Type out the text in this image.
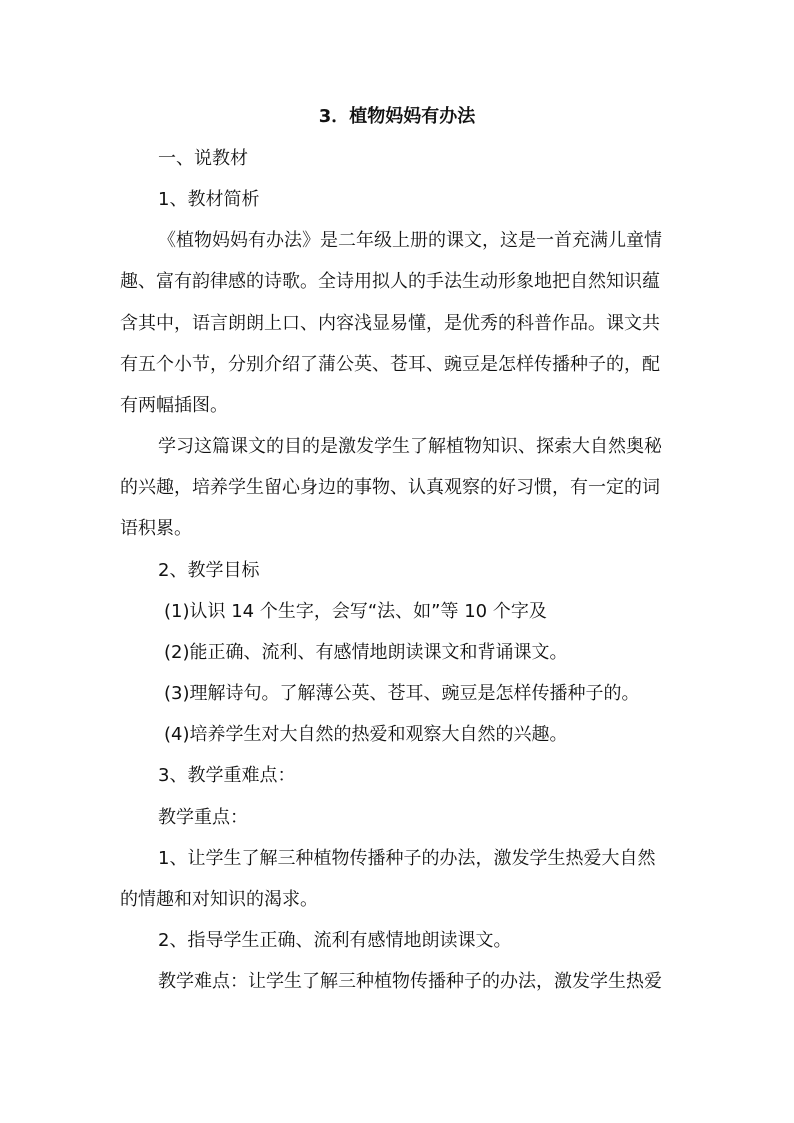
3．植物妈妈有办法
一、说教材
1、教材简析
《植物妈妈有办法》是二年级上册的课文，这是一首充满儿童情
趣、富有韵律感的诗歌。全诗用拟人的手法生动形象地把自然知识蕴
含其中，语言朗朗上口、内容浅显易懂，是优秀的科普作品。课文共
有五个小节，分别介绍了蒲公英、苍耳、豌豆是怎样传播种子的，配
有两幅插图。
学习这篇课文的目的是激发学生了解植物知识、探索大自然奥秘
的兴趣，培养学生留心身边的事物、认真观察的好习惯，有一定的词
语积累。
2、教学目标
(1)认识 14 个生字，会写“法、如”等 10 个字及
(2)能正确、流利、有感情地朗读课文和背诵课文。
(3)理解诗句。了解薄公英、苍耳、豌豆是怎样传播种子的。
(4)培养学生对大自然的热爱和观察大自然的兴趣。
3、教学重难点：
教学重点：
1、让学生了解三种植物传播种子的办法，激发学生热爱大自然
的情趣和对知识的渴求。
2、指导学生正确、流利有感情地朗读课文。
教学难点：让学生了解三种植物传播种子的办法，激发学生热爱
